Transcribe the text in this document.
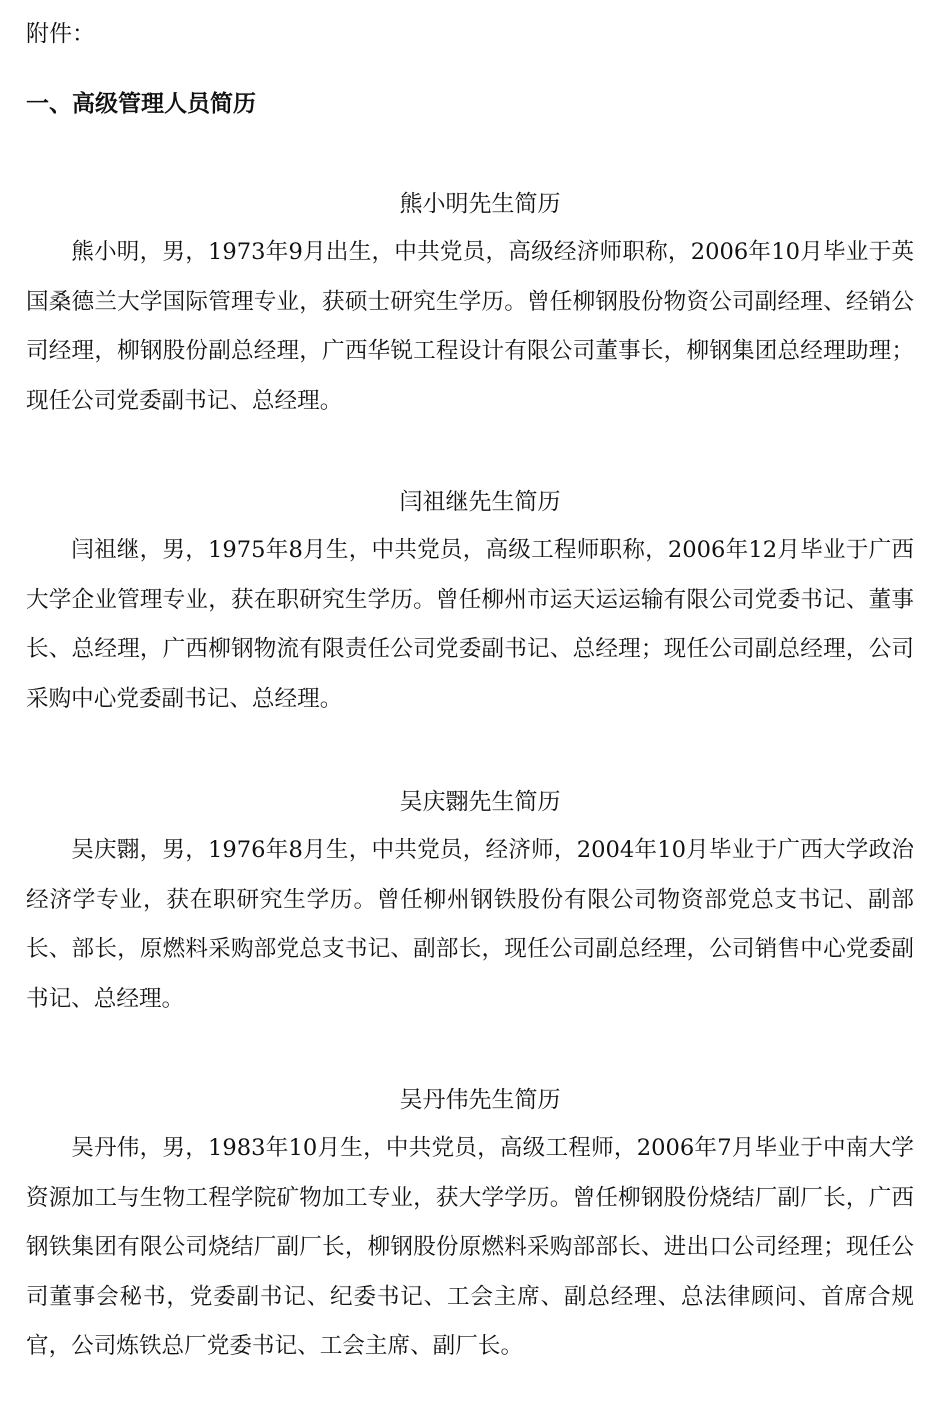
附件：
一、高级管理人员简历
熊小明先生简历

熊小明，男，1973年9月出生，中共党员，高级经济师职称，2006年10月毕业于英国桑德兰大学国际管理专业，获硕士研究生学历。曾任柳钢股份物资公司副经理、经销公司经理，柳钢股份副总经理，广西华锐工程设计有限公司董事长，柳钢集团总经理助理；现任公司党委副书记、总经理。

闫祖继先生简历

闫祖继，男，1975年8月生，中共党员，高级工程师职称，2006年12月毕业于广西大学企业管理专业，获在职研究生学历。曾任柳州市运天运运输有限公司党委书记、董事长、总经理，广西柳钢物流有限责任公司党委副书记、总经理；现任公司副总经理，公司采购中心党委副书记、总经理。

吴庆翾先生简历

吴庆翾，男，1976年8月生，中共党员，经济师，2004年10月毕业于广西大学政治经济学专业，获在职研究生学历。曾任柳州钢铁股份有限公司物资部党总支书记、副部长、部长，原燃料采购部党总支书记、副部长，现任公司副总经理，公司销售中心党委副书记、总经理。

吴丹伟先生简历

吴丹伟，男，1983年10月生，中共党员，高级工程师，2006年7月毕业于中南大学资源加工与生物工程学院矿物加工专业，获大学学历。曾任柳钢股份烧结厂副厂长，广西钢铁集团有限公司烧结厂副厂长，柳钢股份原燃料采购部部长、进出口公司经理；现任公司董事会秘书，党委副书记、纪委书记、工会主席、副总经理、总法律顾问、首席合规官，公司炼铁总厂党委书记、工会主席、副厂长。
